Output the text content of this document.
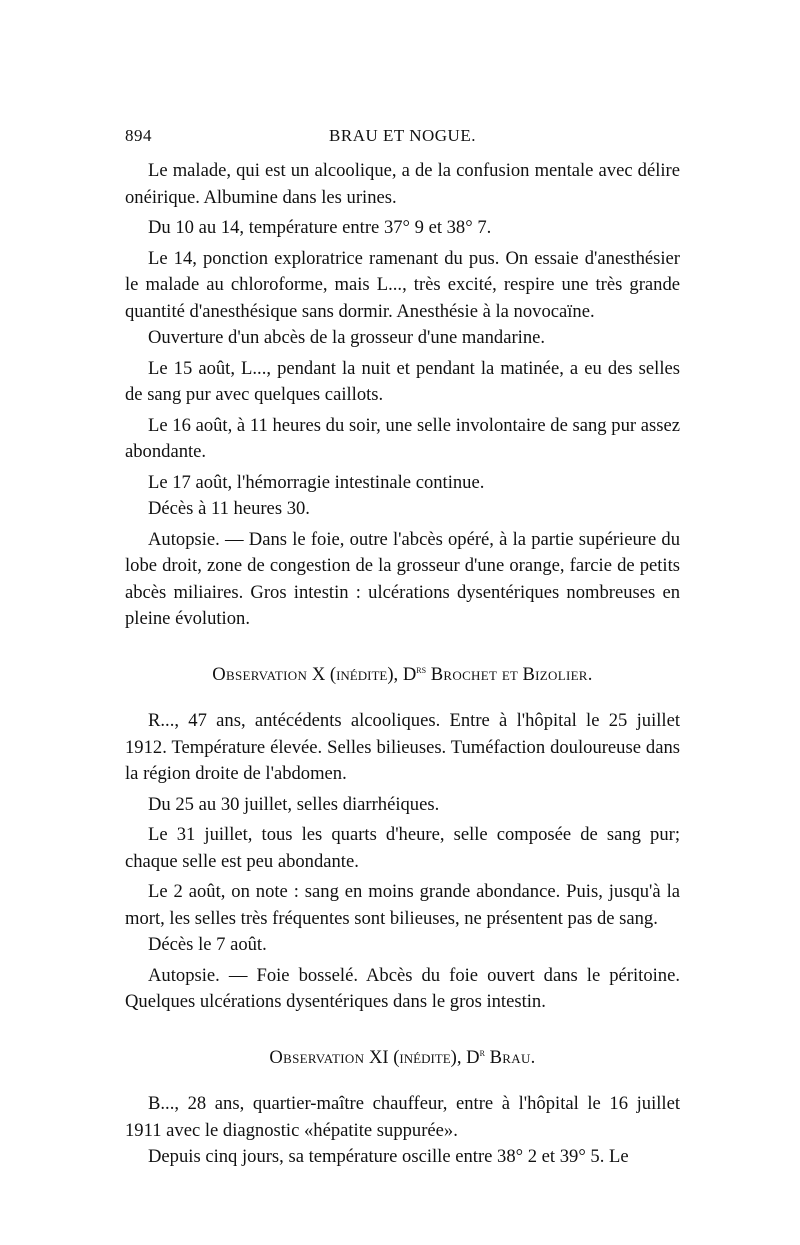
894	BRAU ET NOGUE.

Le malade, qui est un alcoolique, a de la confusion mentale avec délire onéirique. Albumine dans les urines.

Du 10 au 14, température entre 37° 9 et 38° 7.

Le 14, ponction exploratrice ramenant du pus. On essaie d'anesthésier le malade au chloroforme, mais L..., très excité, respire une très grande quantité d'anesthésique sans dormir. Anesthésie à la novocaïne.

Ouverture d'un abcès de la grosseur d'une mandarine.

Le 15 août, L..., pendant la nuit et pendant la matinée, a eu des selles de sang pur avec quelques caillots.

Le 16 août, à 11 heures du soir, une selle involontaire de sang pur assez abondante.

Le 17 août, l'hémorragie intestinale continue.

Décès à 11 heures 30.

Autopsie. — Dans le foie, outre l'abcès opéré, à la partie supérieure du lobe droit, zone de congestion de la grosseur d'une orange, farcie de petits abcès miliaires. Gros intestin : ulcérations dysentériques nombreuses en pleine évolution.

Observation X (inédite), $D^{rs}$ Brochet et Bizolier.

R..., 47 ans, antécédents alcooliques. Entre à l'hôpital le 25 juillet 1912. Température élevée. Selles bilieuses. Tuméfaction douloureuse dans la région droite de l'abdomen.

Du 25 au 30 juillet, selles diarrhéiques.

Le 31 juillet, tous les quarts d'heure, selle composée de sang pur; chaque selle est peu abondante.

Le 2 août, on note : sang en moins grande abondance. Puis, jusqu'à la mort, les selles très fréquentes sont bilieuses, ne présentent pas de sang.

Décès le 7 août.

Autopsie. — Foie bosselé. Abcès du foie ouvert dans le péritoine. Quelques ulcérations dysentériques dans le gros intestin.

Observation XI (inédite), $D^r$ Brau.

B..., 28 ans, quartier-maître chauffeur, entre à l'hôpital le 16 juillet 1911 avec le diagnostic «hépatite suppurée».

Depuis cinq jours, sa température oscille entre 38° 2 et 39° 5. Le
